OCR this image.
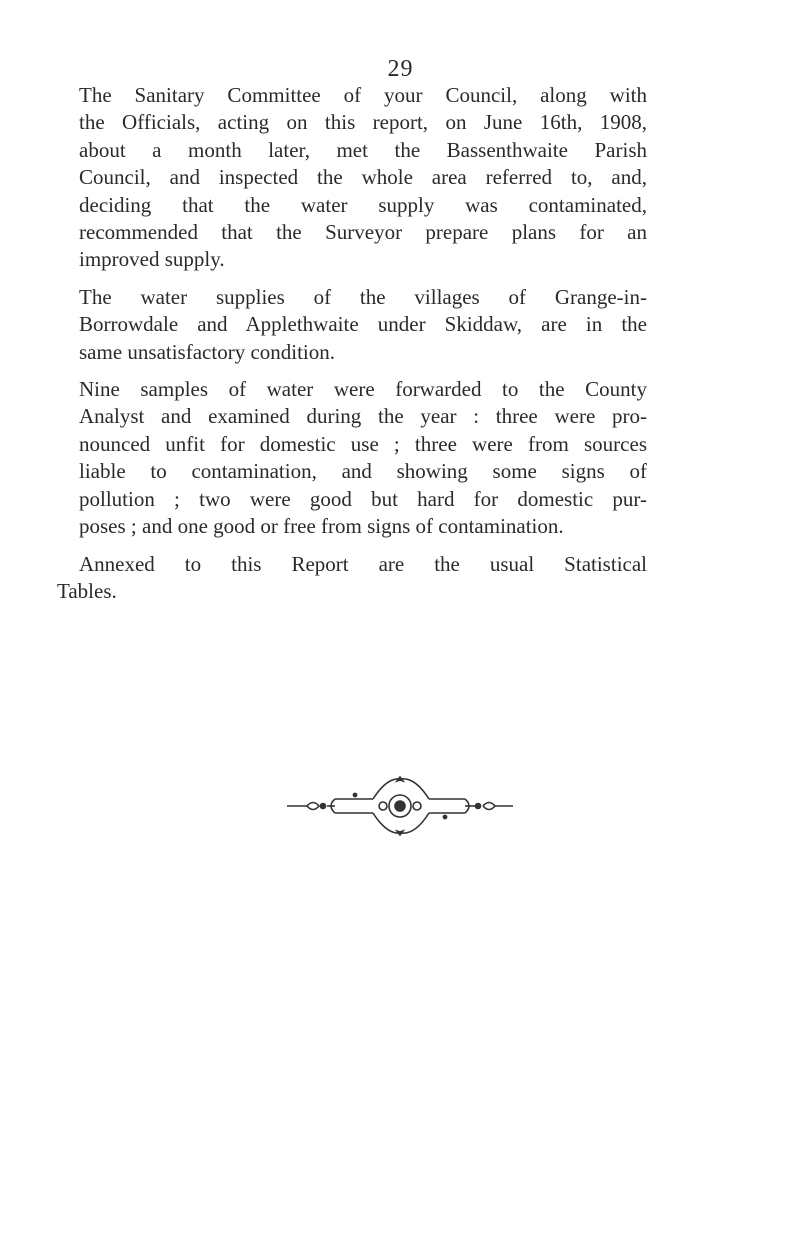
29

The Sanitary Committee of your Council, along with
the Officials, acting on this report, on June 16th, 1908,
about a month later, met the Bassenthwaite Parish
Council, and inspected the whole area referred to, and,
deciding that the water supply was contaminated,
recommended that the Surveyor prepare plans for an
improved supply.

The water supplies of the villages of Grange-in-
Borrowdale and Applethwaite under Skiddaw, are in the
same unsatisfactory condition.

Nine samples of water were forwarded to the County
Analyst and examined during the year : three were pro-
nounced unfit for domestic use ; three were from sources
liable to contamination, and showing some signs of
pollution ; two were good but hard for domestic pur-
poses ; and one good or free from signs of contamination.

Annexed to this Report are the usual Statistical
Tables.
